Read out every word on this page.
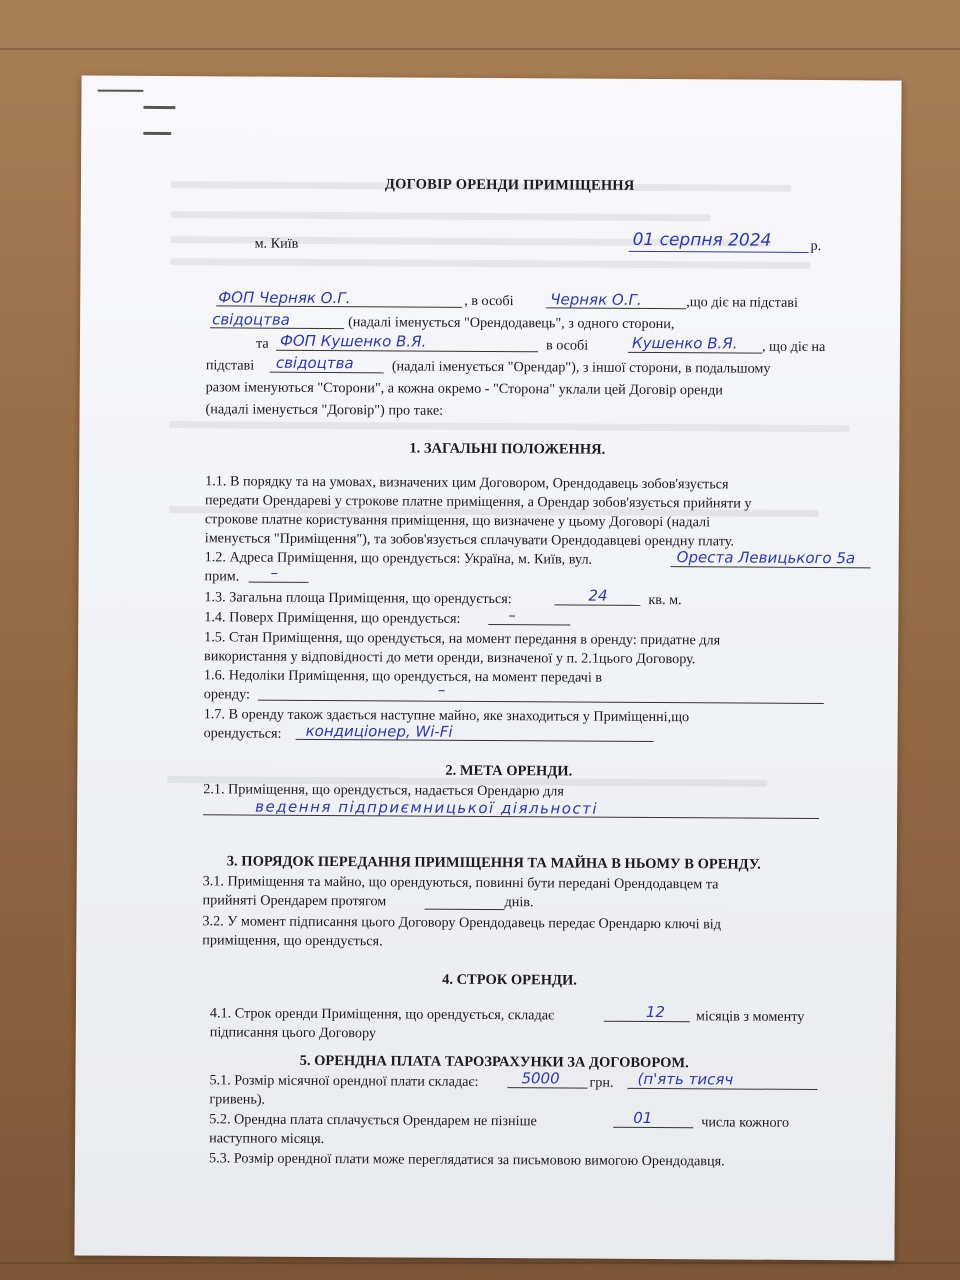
ДОГОВІР ОРЕНДИ ПРИМІЩЕННЯ
м. Київ	01 серпня 2024	р.
ФОП Черняк О.Г.	, в особі Черняк О.Г.	,що діє на підставі
свідоцтва	(надалі іменується "Орендодавець", з одного сторони,
та ФОП Кушенко В.Я.	в особі	Кушенко В.Я. , що діє на
підставі свідоцтва	(надалі іменується "Орендар"), з іншої сторони, в подальшому
разом іменуються "Сторони", а кожна окремо - "Сторона" уклали цей Договір оренди
(надалі іменується "Договір") про таке:
1. ЗАГАЛЬНІ ПОЛОЖЕННЯ.
1.1. В порядку та на умовах, визначених цим Договором, Орендодавець зобов'язується
передати Орендареві у строкове платне приміщення, а Орендар зобов'язується прийняти у
строкове платне користування приміщення, що визначене у цьому Договорі (надалі
іменується "Приміщення"), та зобов'язується сплачувати Орендодавцеві орендну плату.
1.2. Адреса Приміщення, що орендується: Україна, м. Київ, вул.	Ореста Левицького 5а
прим. –
1.3. Загальна площа Приміщення, що орендується:	24	кв. м.
1.4. Поверх Приміщення, що орендується:	–
1.5. Стан Приміщення, що орендується, на момент передання в оренду: придатне для
використання у відповідності до мети оренди, визначеної у п. 2.1цього Договору.
1.6. Недоліки Приміщення, що орендується, на момент передачі в
оренду:	–
1.7. В оренду також здається наступне майно, яке знаходиться у Приміщенні,що
орендується: кондиціонер, Wi-Fi
2. МЕТА ОРЕНДИ.
2.1. Приміщення, що орендується, надається Орендарю для
ведення підприємницької діяльності
3. ПОРЯДОК ПЕРЕДАННЯ ПРИМІЩЕННЯ ТА МАЙНА В НЬОМУ В ОРЕНДУ.
3.1. Приміщення та майно, що орендуються, повинні бути передані Орендодавцем та
прийняті Орендарем протягом	днів.
3.2. У момент підписання цього Договору Орендодавець передає Орендарю ключі від
приміщення, що орендується.
4. СТРОК ОРЕНДИ.
4.1. Строк оренди Приміщення, що орендується, складає	12 місяців з моменту
підписання цього Договору
5. ОРЕНДНА ПЛАТА ТАРОЗРАХУНКИ ЗА ДОГОВОРОМ.
5.1. Розмір місячної орендної плати складає:	5000 грн. (п'ять тисяч
гривень).
5.2. Орендна плата сплачується Орендарем не пізніше	01	числа кожного
наступного місяця.
5.3. Розмір орендної плати може переглядатися за письмовою вимогою Орендодавця.
